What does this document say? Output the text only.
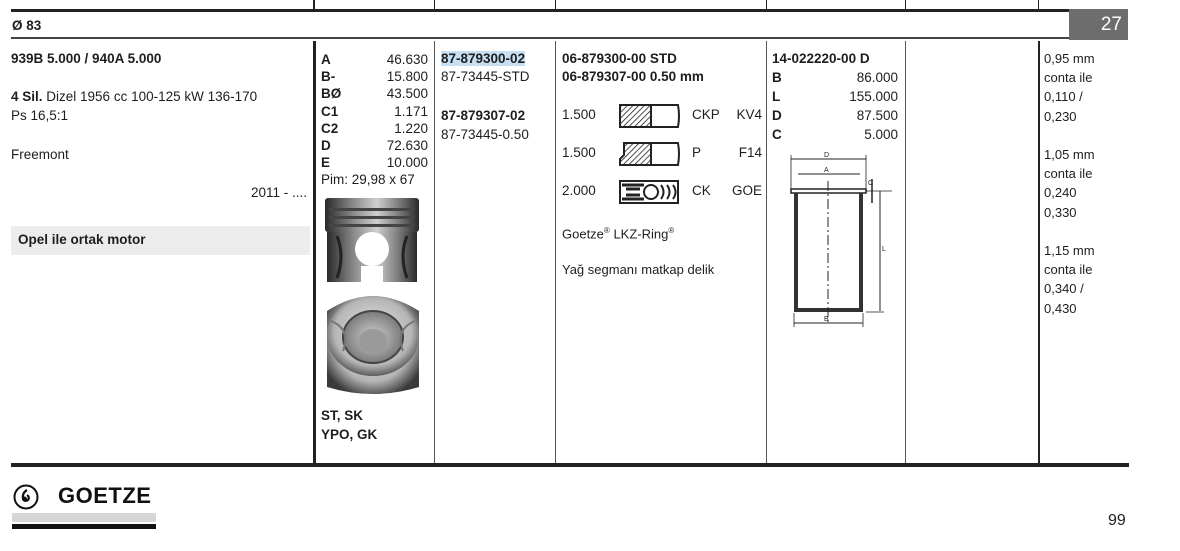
Ø 83	27
939B 5.000 / 940A 5.000
4 Sil. Dizel 1956 cc 100-125 kW 136-170
Ps 16,5:1
Freemont
2011 - ....
Opel ile ortak motor
A	46.630
B-	15.800
BØ	43.500
C1	1.171
C2	1.220
D	72.630
E	10.000
Pim: 29,98 x 67
ST, SK
YPO, GK
87-879300-02
87-73445-STD
87-879307-02
87-73445-0.50
06-879300-00 STD
06-879307-00 0.50 mm
1.500	CKP KV4
1.500	P	F14
2.000	CK GOE
Goetze® LKZ-Ring®
Yağ segmanı matkap delik
14-022220-00 D
B	86.000
L	155.000
D	87.500
C	5.000
D
A
L
C
B
0,95 mm
conta ile
0,110 /
0,230
1,05 mm
conta ile
0,240
0,330
1,15 mm
conta ile
0,340 /
0,430
GOETZE
99
